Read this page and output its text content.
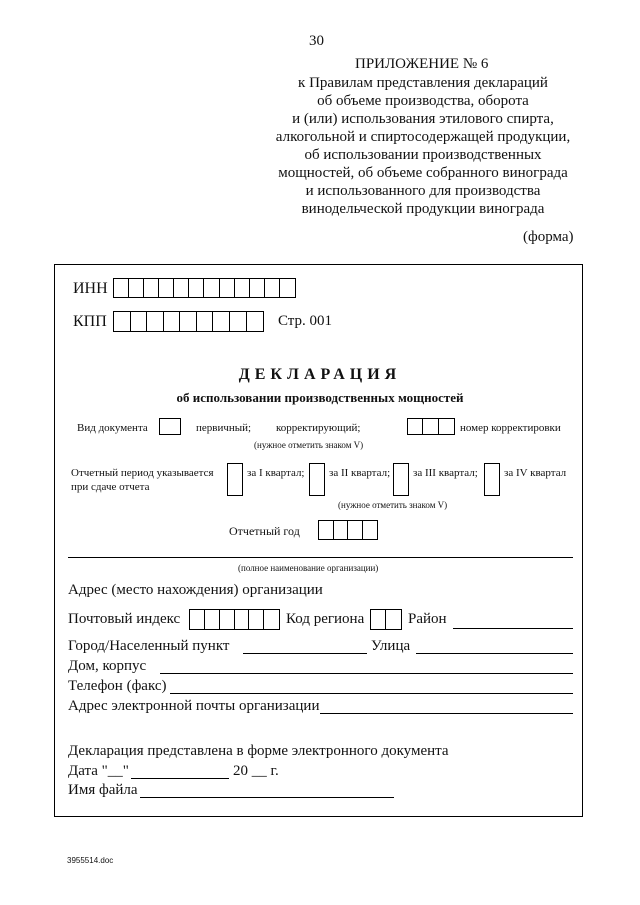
30
ПРИЛОЖЕНИЕ № 6
к Правилам представления деклараций
об объеме производства, оборота
и (или) использования этилового спирта,
алкогольной и спиртосодержащей продукции,
об использовании производственных
мощностей, об объеме собранного винограда
и использованного для производства
винодельческой продукции винограда
(форма)
ИНН
КПП	Стр. 001
ДЕКЛАРАЦИЯ
об использовании производственных мощностей
Вид документа	первичный; корректирующий;	номер корректировки
(нужное отметить знаком V)
Отчетный период указывается
при сдаче отчета
за I квартал; за II квартал; за III квартал; за IV квартал
(нужное отметить знаком V)
Отчетный год
(полное наименование организации)
Адрес (место нахождения) организации
Почтовый индекс	Код региона	Район
Город/Населенный пункт	Улица
Дом, корпус
Телефон (факс)
Адрес электронной почты организации
Декларация представлена в форме электронного документа
Дата "__"	20 __ г.
Имя файла
3955514.doc
